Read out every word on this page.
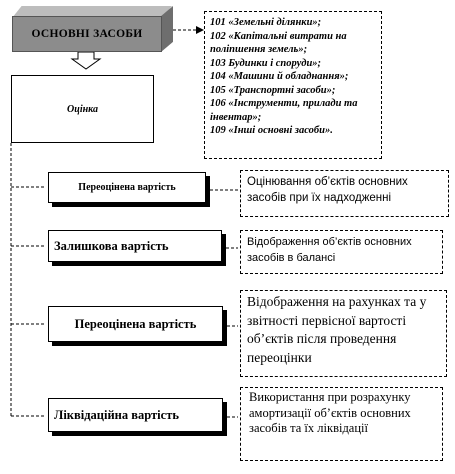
ОСНОВНІ ЗАСОБИ
101 «Земельні ділянки»;
102 «Капітальні витрати на поліпшення земель»;
103 Будинки і споруди»;
104 «Машини й обладнання»;
105 «Транспортні засоби»;
106 «Інструменти, прилади та інвентар»;
109 «Інші основні засоби».
Оцінка
Переоцінена вартість	Оцінювання об’єктів основних засобів при їх надходженні
Залишкова вартість	Відображення об’єктів основних засобів в балансі
Переоцінена вартість
Відображення на рахунках та у звітності первісної вартості об’єктів після проведення переоцінки
Ліквідаційна вартість
Використання при розрахунку амортизації об’єктів основних засобів та їх ліквідації
